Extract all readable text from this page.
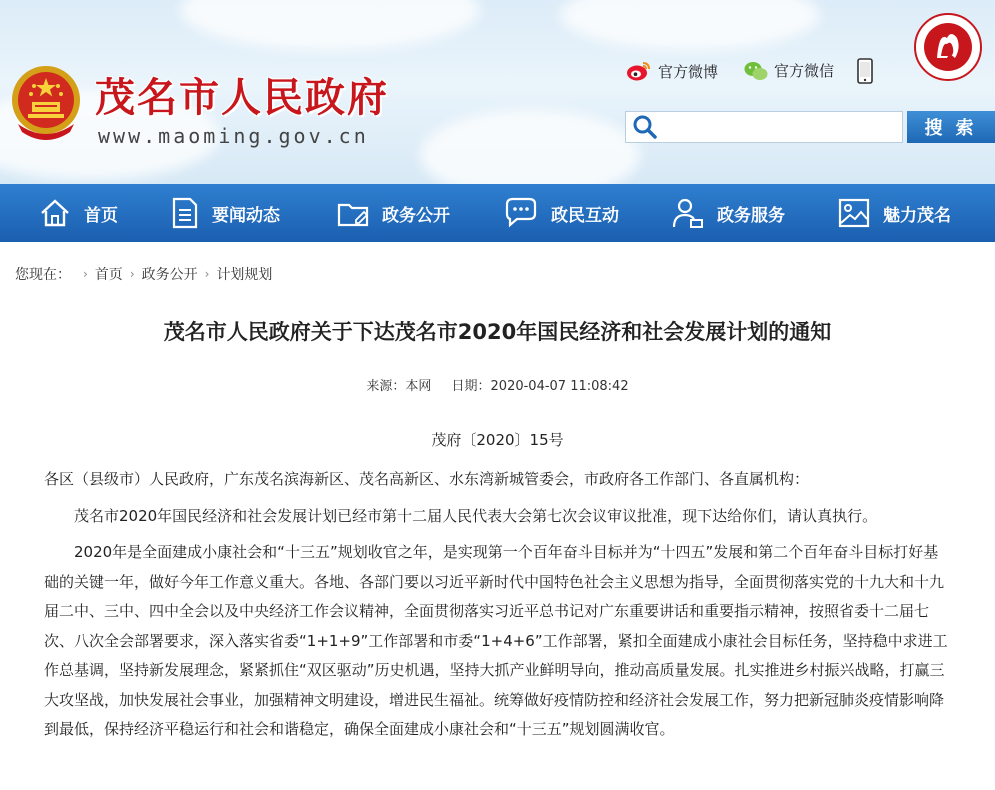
茂名市人民政府
www.maoming.gov.cn
官方微博	官方微信
搜 索
首页	要闻动态	政务公开	政民互动	政务服务	魅力茂名
您现在： › 首页 › 政务公开 › 计划规划
茂名市人民政府关于下达茂名市2020年国民经济和社会发展计划的通知
来源：本网 日期：2020-04-07 11:08:42
茂府〔2020〕15号

各区（县级市）人民政府，广东茂名滨海新区、茂名高新区、水东湾新城管委会，市政府各工作部门、各直属机构：

茂名市2020年国民经济和社会发展计划已经市第十二届人民代表大会第七次会议审议批准，现下达给你们，请认真执行。

2020年是全面建成小康社会和“十三五”规划收官之年，是实现第一个百年奋斗目标并为“十四五”发展和第二个百年奋斗目标打好基础的关键一年，做好今年工作意义重大。各地、各部门要以习近平新时代中国特色社会主义思想为指导，全面贯彻落实党的十九大和十九届二中、三中、四中全会以及中央经济工作会议精神，全面贯彻落实习近平总书记对广东重要讲话和重要指示精神，按照省委十二届七次、八次全会部署要求，深入落实省委“1+1+9”工作部署和市委“1+4+6”工作部署，紧扣全面建成小康社会目标任务，坚持稳中求进工作总基调，坚持新发展理念，紧紧抓住“双区驱动”历史机遇，坚持大抓产业鲜明导向，推动高质量发展。扎实推进乡村振兴战略，打赢三大攻坚战，加快发展社会事业，加强精神文明建设，增进民生福祉。统筹做好疫情防控和经济社会发展工作，努力把新冠肺炎疫情影响降到最低，保持经济平稳运行和社会和谐稳定，确保全面建成小康社会和“十三五”规划圆满收官。
